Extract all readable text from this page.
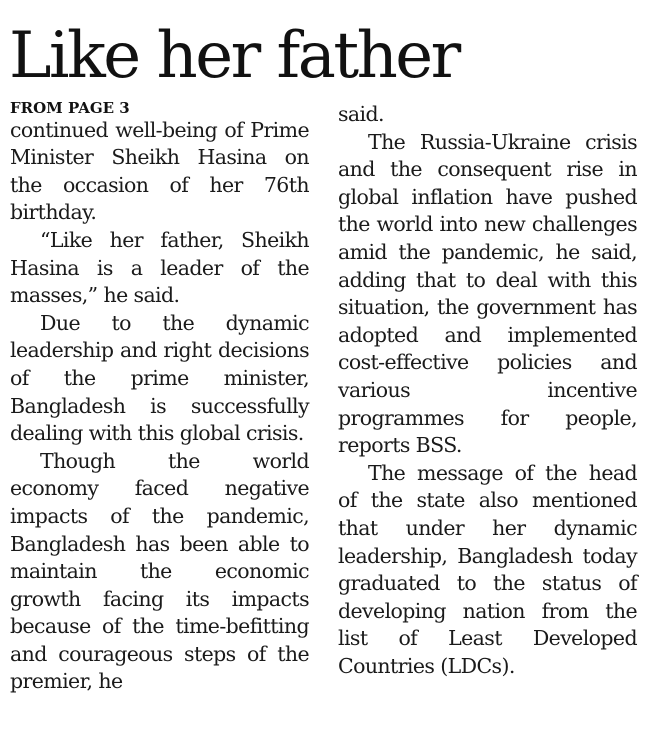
Like her father
FROM PAGE 3

continued well-being of Prime Minister Sheikh Hasina on the occasion of her 76th birthday.

“Like her father, Sheikh Hasina is a leader of the masses,” he said.

Due to the dynamic leadership and right decisions of the prime minister, Bangladesh is successfully dealing with this global crisis.

Though the world economy faced negative impacts of the pandemic, Bangladesh has been able to maintain the economic growth facing its impacts because of the time-befitting and courageous steps of the premier, he

said.

The Russia-Ukraine crisis and the consequent rise in global inflation have pushed the world into new challenges amid the pandemic, he said, adding that to deal with this situation, the government has adopted and implemented cost-effective policies and various incentive programmes for people, reports BSS.

The message of the head of the state also mentioned that under her dynamic leadership, Bangladesh today graduated to the status of developing nation from the list of Least Developed Countries (LDCs).
